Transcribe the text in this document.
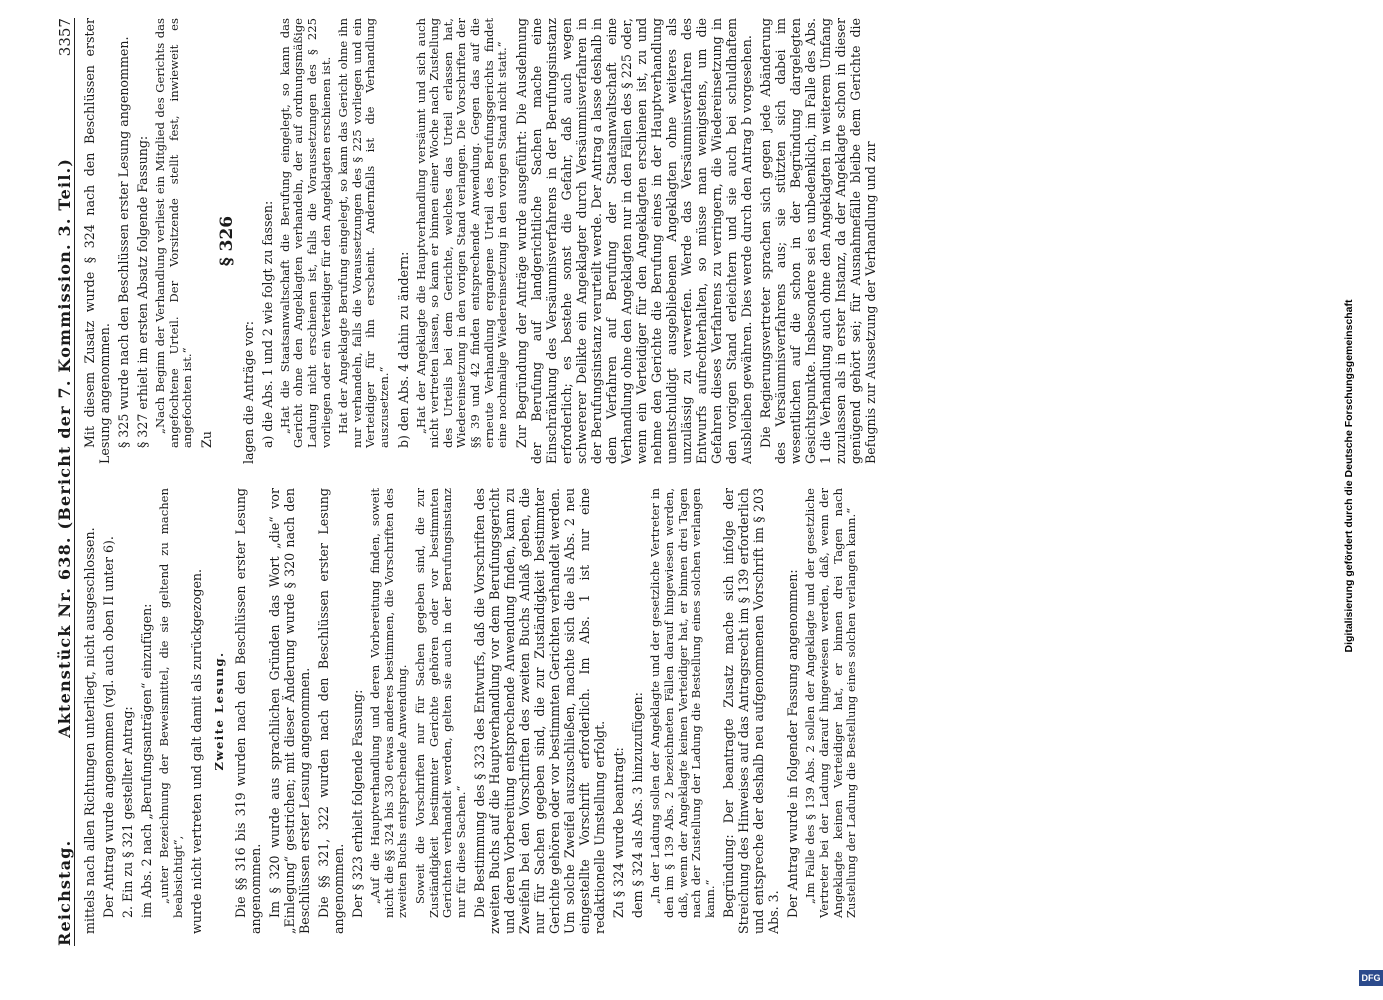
Reichstag.
Aktenstück Nr. 638. (Bericht der 7. Kommission. 3. Teil.)
3357

mittels nach allen Richtungen unterliegt, nicht ausgeschlossen. Der Antrag wurde angenommen (vgl. auch oben II unter 6). 2. Ein zu § 321 gestellter Antrag: im Abs. 2 nach „Berufungsanträgen“ einzufügen: „unter Bezeichnung der Beweismittel, die sie geltend zu machen beabsichtigt“, wurde nicht vertreten und galt damit als zurückgezogen. Zweite Lesung. Die §§ 316 bis 319 wurden nach den Beschlüssen erster Lesung angenommen. Im § 320 wurde aus sprachlichen Gründen das Wort „die“ vor „Einlegung“ gestrichen; mit dieser Änderung wurde § 320 nach den Beschlüssen erster Lesung angenommen. Die §§ 321, 322 wurden nach den Beschlüssen erster Lesung angenommen. Der § 323 erhielt folgende Fassung: „Auf die Hauptverhandlung und deren Vorbereitung finden, soweit nicht die §§ 324 bis 330 etwas anderes bestimmen, die Vorschriften des zweiten Buchs entsprechende Anwendung. Soweit die Vorschriften nur für Sachen gegeben sind, die zur Zuständigkeit bestimmter Gerichte gehören oder vor bestimmten Gerichten verhandelt werden, gelten sie auch in der Berufungsinstanz nur für diese Sachen.“ Die Bestimmung des § 323 des Entwurfs, daß die Vorschriften des zweiten Buchs auf die Hauptverhandlung vor dem Berufungsgericht und deren Vorbereitung entsprechende Anwendung finden, kann zu Zweifeln bei den Vorschriften des zweiten Buchs Anlaß geben, die nur für Sachen gegeben sind, die zur Zuständigkeit bestimmter Gerichte gehören oder vor bestimmten Gerichten verhandelt werden. Um solche Zweifel auszuschließen, machte sich die als Abs. 2 neu eingestellte Vorschrift erforderlich. Im Abs. 1 ist nur eine redaktionelle Umstellung erfolgt. Zu § 324 wurde beantragt: dem § 324 als Abs. 3 hinzuzufügen: „In der Ladung sollen der Angeklagte und der gesetzliche Vertreter in den im § 139 Abs. 2 bezeichneten Fällen darauf hingewiesen werden, daß, wenn der Angeklagte keinen Verteidiger hat, er binnen drei Tagen nach der Zustellung der Ladung die Bestellung eines solchen verlangen kann.“ Begründung: Der beantragte Zusatz mache sich infolge der Streichung des Hinweises auf das Antragsrecht im § 139 erforderlich und entspreche der deshalb neu aufgenommenen Vorschrift im § 203 Abs. 3. Der Antrag wurde in folgender Fassung angenommen: „Im Falle des § 139 Abs. 2 sollen der Angeklagte und der gesetzliche Vertreter bei der Ladung darauf hingewiesen werden, daß, wenn der Angeklagte keinen Verteidiger hat, er binnen drei Tagen nach Zustellung der Ladung die Bestellung eines solchen verlangen kann.“

Mit diesem Zusatz wurde § 324 nach den Beschlüssen erster Lesung angenommen. § 325 wurde nach den Beschlüssen erster Lesung angenommen. § 327 erhielt im ersten Absatz folgende Fassung: „Nach Beginn der Verhandlung verliest ein Mitglied des Gerichts das angefochtene Urteil. Der Vorsitzende stellt fest, inwieweit es angefochten ist.“ Zu

§ 326

lagen die Anträge vor: a) die Abs. 1 und 2 wie folgt zu fassen: „Hat die Staatsanwaltschaft die Berufung eingelegt, so kann das Gericht ohne den Angeklagten verhandeln, der auf ordnungsmäßige Ladung nicht erschienen ist, falls die Voraussetzungen des § 225 vorliegen oder ein Verteidiger für den Angeklagten erschienen ist. Hat der Angeklagte Berufung eingelegt, so kann das Gericht ohne ihn nur verhandeln, falls die Voraussetzungen des § 225 vorliegen und ein Verteidiger für ihn erscheint. Andernfalls ist die Verhandlung auszusetzen.“ b) den Abs. 4 dahin zu ändern: „Hat der Angeklagte die Hauptverhandlung versäumt und sich auch nicht vertreten lassen, so kann er binnen einer Woche nach Zustellung des Urteils bei dem Gerichte, welches das Urteil erlassen hat, Wiedereinsetzung in den vorigen Stand verlangen. Die Vorschriften der §§ 39 und 42 finden entsprechende Anwendung. Gegen das auf die erneute Verhandlung ergangene Urteil des Berufungsgerichts findet eine nochmalige Wiedereinsetzung in den vorigen Stand nicht statt.“ Zur Begründung der Anträge wurde ausgeführt: Die Ausdehnung der Berufung auf landgerichtliche Sachen mache eine Einschränkung des Versäumnisverfahrens in der Berufungsinstanz erforderlich; es bestehe sonst die Gefahr, daß auch wegen schwererer Delikte ein Angeklagter durch Versäumnisverfahren in der Berufungsinstanz verurteilt werde. Der Antrag a lasse deshalb in dem Verfahren auf Berufung der Staatsanwaltschaft eine Verhandlung ohne den Angeklagten nur in den Fällen des § 225 oder, wenn ein Verteidiger für den Angeklagten erschienen ist, zu und nehme den Gerichte die Berufung eines in der Hauptverhandlung unentschuldigt ausgebliebenen Angeklagten ohne weiteres als unzulässig zu verwerfen. Werde das Versäumnisverfahren des Entwurfs aufrechterhalten, so müsse man wenigstens, um die Gefahren dieses Verfahrens zu verringern, die Wiedereinsetzung in den vorigen Stand erleichtern und sie auch bei schuldhaftem Ausbleiben gewähren. Dies werde durch den Antrag b vorgesehen. Die Regierungsvertreter sprachen sich gegen jede Abänderung des Versäumnisverfahrens aus; sie stützten sich dabei im wesentlichen auf die schon in der Begründung dargelegten Gesichtspunkte. Insbesondere sei es unbedenklich, im Falle des Abs. 1 die Verhandlung auch ohne den Angeklagten in weiterem Umfang zuzulassen als in erster Instanz, da der Angeklagte schon in dieser genügend gehört sei; für Ausnahmefälle bleibe dem Gerichte die Befugnis zur Aussetzung der Verhandlung und zur	Digitalisierung gefördert durch die Deutsche Forschungsgemeinschaft
DFG
